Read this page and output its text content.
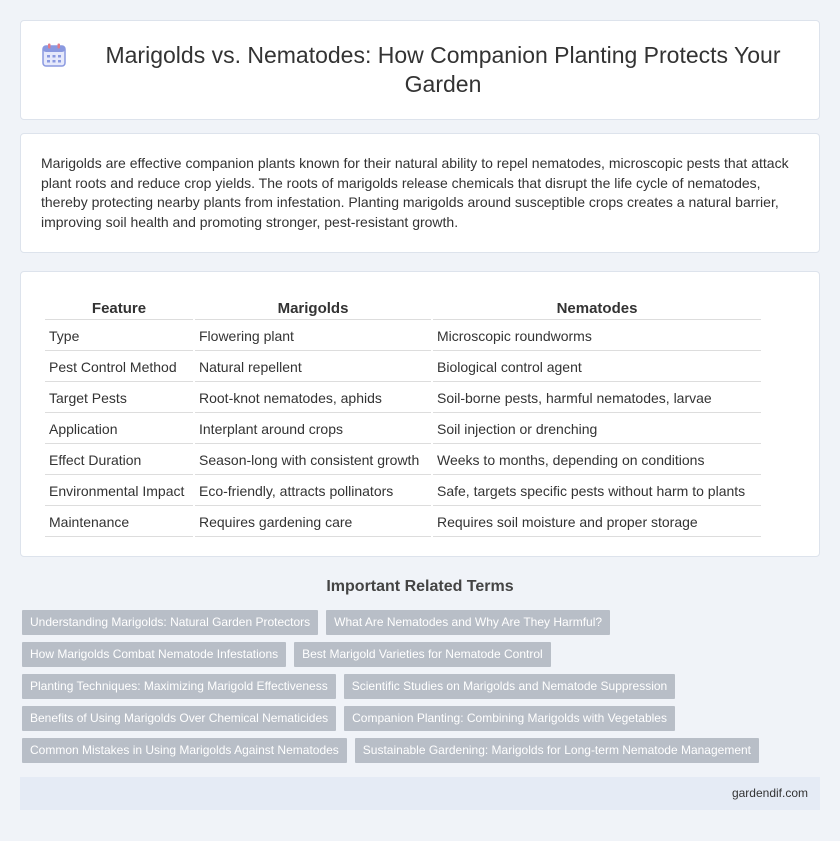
Marigolds vs. Nematodes: How Companion Planting Protects Your Garden

Marigolds are effective companion plants known for their natural ability to repel nematodes, microscopic pests that attack plant roots and reduce crop yields. The roots of marigolds release chemicals that disrupt the life cycle of nematodes, thereby protecting nearby plants from infestation. Planting marigolds around susceptible crops creates a natural barrier, improving soil health and promoting stronger, pest-resistant growth.

Feature	Marigolds	Nematodes
Type	Flowering plant	Microscopic roundworms
Pest Control Method	Natural repellent	Biological control agent
Target Pests	Root-knot nematodes, aphids	Soil-borne pests, harmful nematodes, larvae
Application	Interplant around crops	Soil injection or drenching
Effect Duration	Season-long with consistent growth	Weeks to months, depending on conditions
Environmental Impact	Eco-friendly, attracts pollinators	Safe, targets specific pests without harm to plants
Maintenance	Requires gardening care	Requires soil moisture and proper storage
Important Related Terms
Understanding Marigolds: Natural Garden Protectors	What Are Nematodes and Why Are They Harmful?
How Marigolds Combat Nematode Infestations	Best Marigold Varieties for Nematode Control
Planting Techniques: Maximizing Marigold Effectiveness	Scientific Studies on Marigolds and Nematode Suppression
Benefits of Using Marigolds Over Chemical Nematicides	Companion Planting: Combining Marigolds with Vegetables
Common Mistakes in Using Marigolds Against Nematodes	Sustainable Gardening: Marigolds for Long-term Nematode Management
gardendif.com
